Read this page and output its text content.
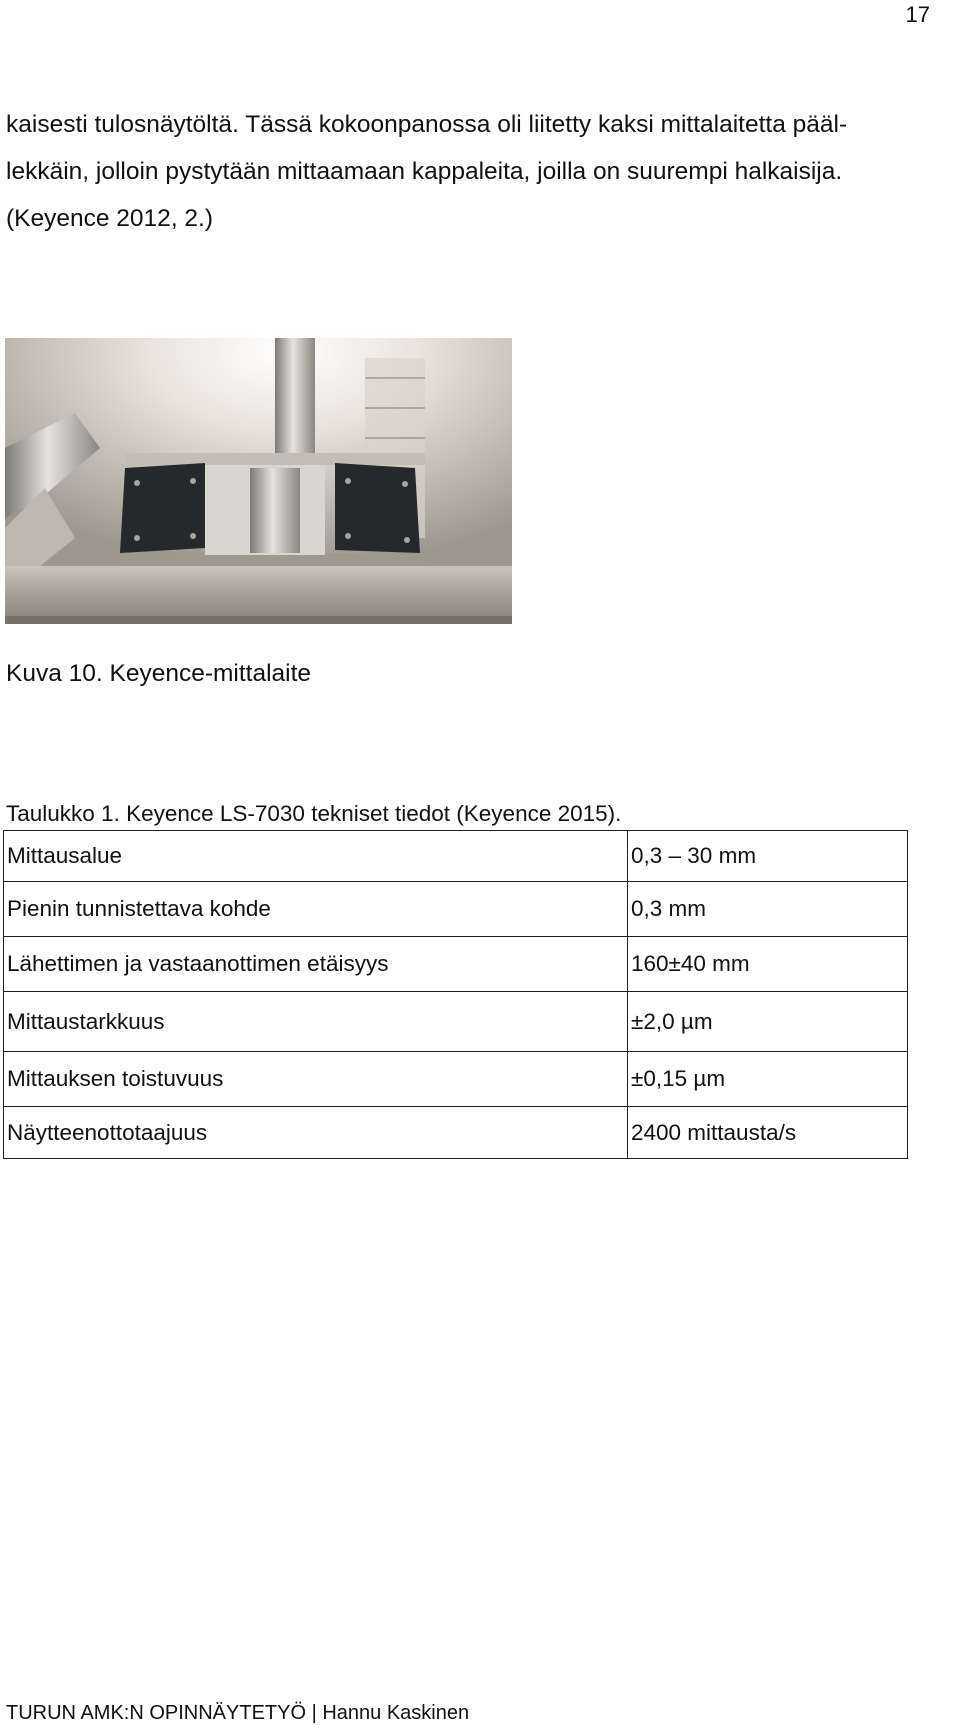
17
kaisesti tulosnäytöltä. Tässä kokoonpanossa oli liitetty kaksi mittalaitetta pääl-
lekkäin, jolloin pystytään mittaamaan kappaleita, joilla on suurempi halkaisija.
(Keyence 2012, 2.)
Kuva 10. Keyence-mittalaite
Taulukko 1. Keyence LS-7030 tekniset tiedot (Keyence 2015).
Mittausalue	0,3 – 30 mm
Pienin tunnistettava kohde	0,3 mm
Lähettimen ja vastaanottimen etäisyys	160±40 mm
Mittaustarkkuus	±2,0 µm
Mittauksen toistuvuus	±0,15 µm
Näytteenottotaajuus	2400 mittausta/s
TURUN AMK:N OPINNÄYTETYÖ | Hannu Kaskinen
